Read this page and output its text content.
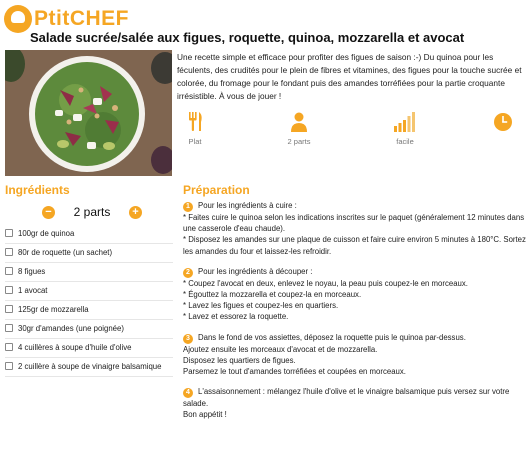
PtitCHEF
Salade sucrée/salée aux figues, roquette, quinoa, mozzarella et avocat
Une recette simple et efficace pour profiter des figues de saison :-) Du quinoa pour les féculents, des crudités pour le plein de fibres et vitamines, des figues pour la touche sucrée et colorée, du fromage pour le fondant puis des amandes torréfiées pour la partie croquante irrésistible. À vous de jouer !
Plat	2 parts	facile
Ingrédients
− 2 parts +
100gr de quinoa
80r de roquette (un sachet)
8 figues
1 avocat
125gr de mozzarella
30gr d'amandes (une poignée)
4 cuillères à soupe d'huile d'olive
2 cuillère à soupe de vinaigre balsamique
Préparation
1 Pour les ingrédients à cuire :
* Faites cuire le quinoa selon les indications inscrites sur le paquet (généralement 12 minutes dans une casserole d'eau chaude).
* Disposez les amandes sur une plaque de cuisson et faire cuire environ 5 minutes à 180°C. Sortez les amandes du four et laissez-les refroidir.
2 Pour les ingrédients à découper :
* Coupez l'avocat en deux, enlevez le noyau, la peau puis coupez-le en morceaux.
* Égouttez la mozzarella et coupez-la en morceaux.
* Lavez les figues et coupez-les en quartiers.
* Lavez et essorez la roquette.
3 Dans le fond de vos assiettes, déposez la roquette puis le quinoa par-dessus.
Ajoutez ensuite les morceaux d'avocat et de mozzarella.
Disposez les quartiers de figues.
Parsemez le tout d'amandes torréfiées et coupées en morceaux.
4 L'assaisonnement : mélangez l'huile d'olive et le vinaigre balsamique puis versez sur votre salade.
Bon appétit !
